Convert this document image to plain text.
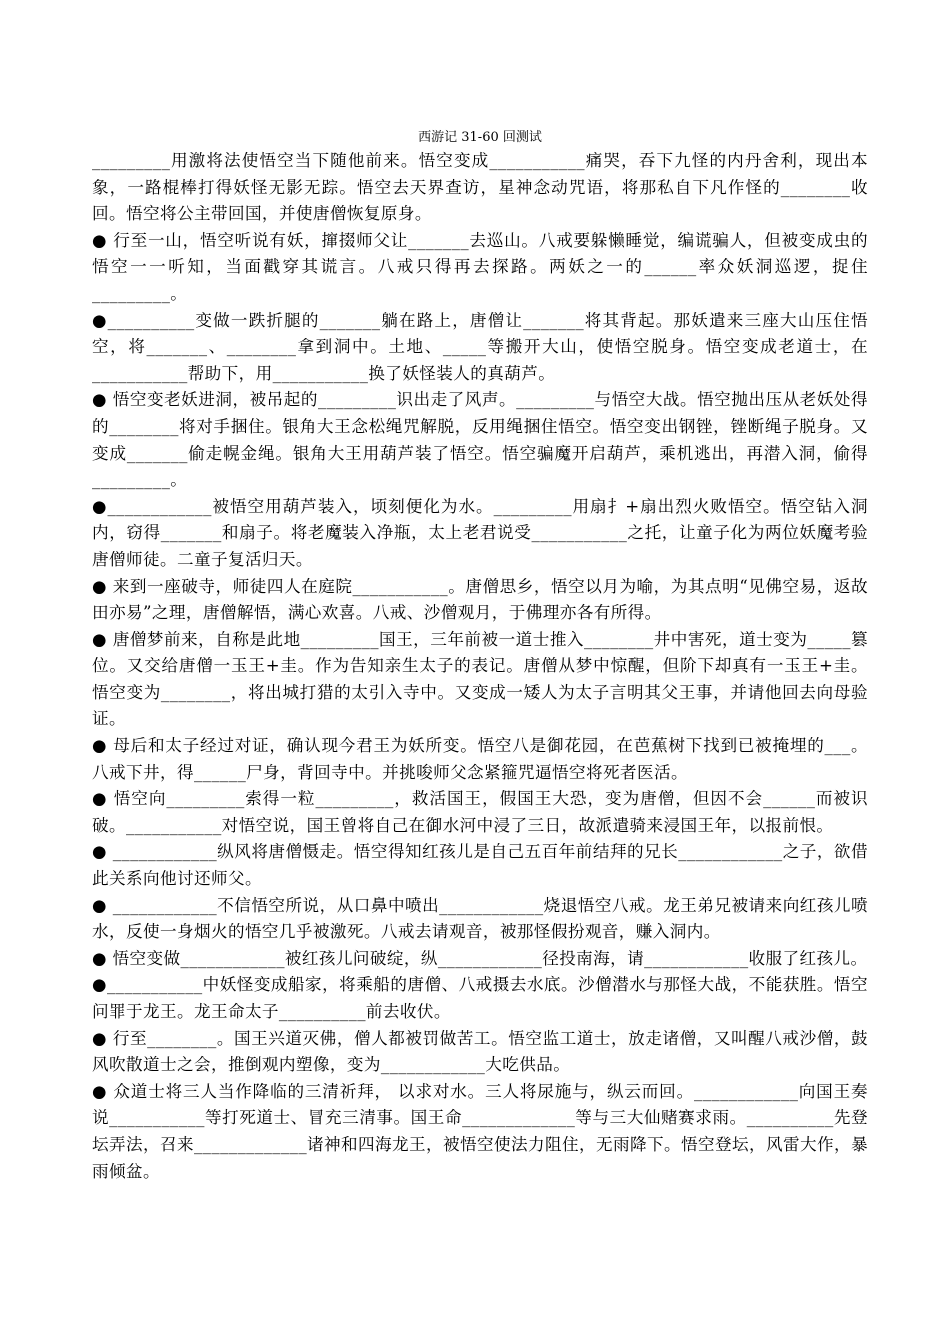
西游记 31-60 回测试

_________用激将法使悟空当下随他前来。悟空变成___________痛哭，吞下九怪的内丹舍利，现出本象，一路棍棒打得妖怪无影无踪。悟空去天界查访，星神念动咒语，将那私自下凡作怪的________收回。悟空将公主带回国，并使唐僧恢复原身。

● 行至一山，悟空听说有妖，撺掇师父让_______去巡山。八戒要躲懒睡觉，编谎骗人，但被变成虫的悟空一一听知，当面戳穿其谎言。八戒只得再去探路。两妖之一的______率众妖洞巡逻，捉住_________。

●__________变做一跌折腿的_______躺在路上，唐僧让_______将其背起。那妖遣来三座大山压住悟空，将_______、________拿到洞中。土地、_____等搬开大山，使悟空脱身。悟空变成老道士，在___________帮助下，用___________换了妖怪装人的真葫芦。

● 悟空变老妖进洞，被吊起的_________识出走了风声。_________与悟空大战。悟空抛出压从老妖处得的________将对手捆住。银角大王念松绳咒解脱，反用绳捆住悟空。悟空变出钢锉，锉断绳子脱身。又变成_______偷走幌金绳。银角大王用葫芦装了悟空。悟空骗魔开启葫芦，乘机逃出，再潜入洞，偷得_________。

●____________被悟空用葫芦装入，顷刻便化为水。_________用扇扌+扇出烈火败悟空。悟空钻入洞内，窃得_______和扇子。将老魔装入净瓶，太上老君说受___________之托，让童子化为两位妖魔考验唐僧师徒。二童子复活归天。

● 来到一座破寺，师徒四人在庭院___________。唐僧思乡，悟空以月为喻，为其点明“见佛空易，返故田亦易”之理，唐僧解悟，满心欢喜。八戒、沙僧观月，于佛理亦各有所得。

● 唐僧梦前来，自称是此地_________国王，三年前被一道士推入________井中害死，道士变为_____篡位。又交给唐僧一玉王+圭。作为告知亲生太子的表记。唐僧从梦中惊醒，但阶下却真有一玉王+圭。悟空变为________，将出城打猎的太引入寺中。又变成一矮人为太子言明其父王事，并请他回去向母验证。

● 母后和太子经过对证，确认现今君王为妖所变。悟空八是御花园，在芭蕉树下找到已被掩埋的___。八戒下井，得______尸身，背回寺中。并挑唆师父念紧箍咒逼悟空将死者医活。

● 悟空向_________索得一粒_________，救活国王，假国王大恐，变为唐僧，但因不会______而被识破。___________对悟空说，国王曾将自己在御水河中浸了三日，故派遣骑来浸国王年，以报前恨。

● ____________纵风将唐僧慑走。悟空得知红孩儿是自己五百年前结拜的兄长____________之子，欲借此关系向他讨还师父。

● ____________不信悟空所说，从口鼻中喷出____________烧退悟空八戒。龙王弟兄被请来向红孩儿喷水，反使一身烟火的悟空几乎被激死。八戒去请观音，被那怪假扮观音，赚入洞内。

● 悟空变做____________被红孩儿问破绽，纵____________径投南海，请____________收服了红孩儿。

●___________中妖怪变成船家，将乘船的唐僧、八戒摄去水底。沙僧潜水与那怪大战，不能获胜。悟空问罪于龙王。龙王命太子__________前去收伏。

● 行至________。国王兴道灭佛，僧人都被罚做苦工。悟空监工道士，放走诸僧，又叫醒八戒沙僧，鼓风吹散道士之会，推倒观内塑像，变为____________大吃供品。

● 众道士将三人当作降临的三清祈拜， 以求对水。三人将尿施与，纵云而回。____________向国王奏说___________等打死道士、冒充三清事。国王命_____________等与三大仙赌赛求雨。__________先登坛弄法，召来_____________诸神和四海龙王，被悟空使法力阻住，无雨降下。悟空登坛，风雷大作，暴雨倾盆。
